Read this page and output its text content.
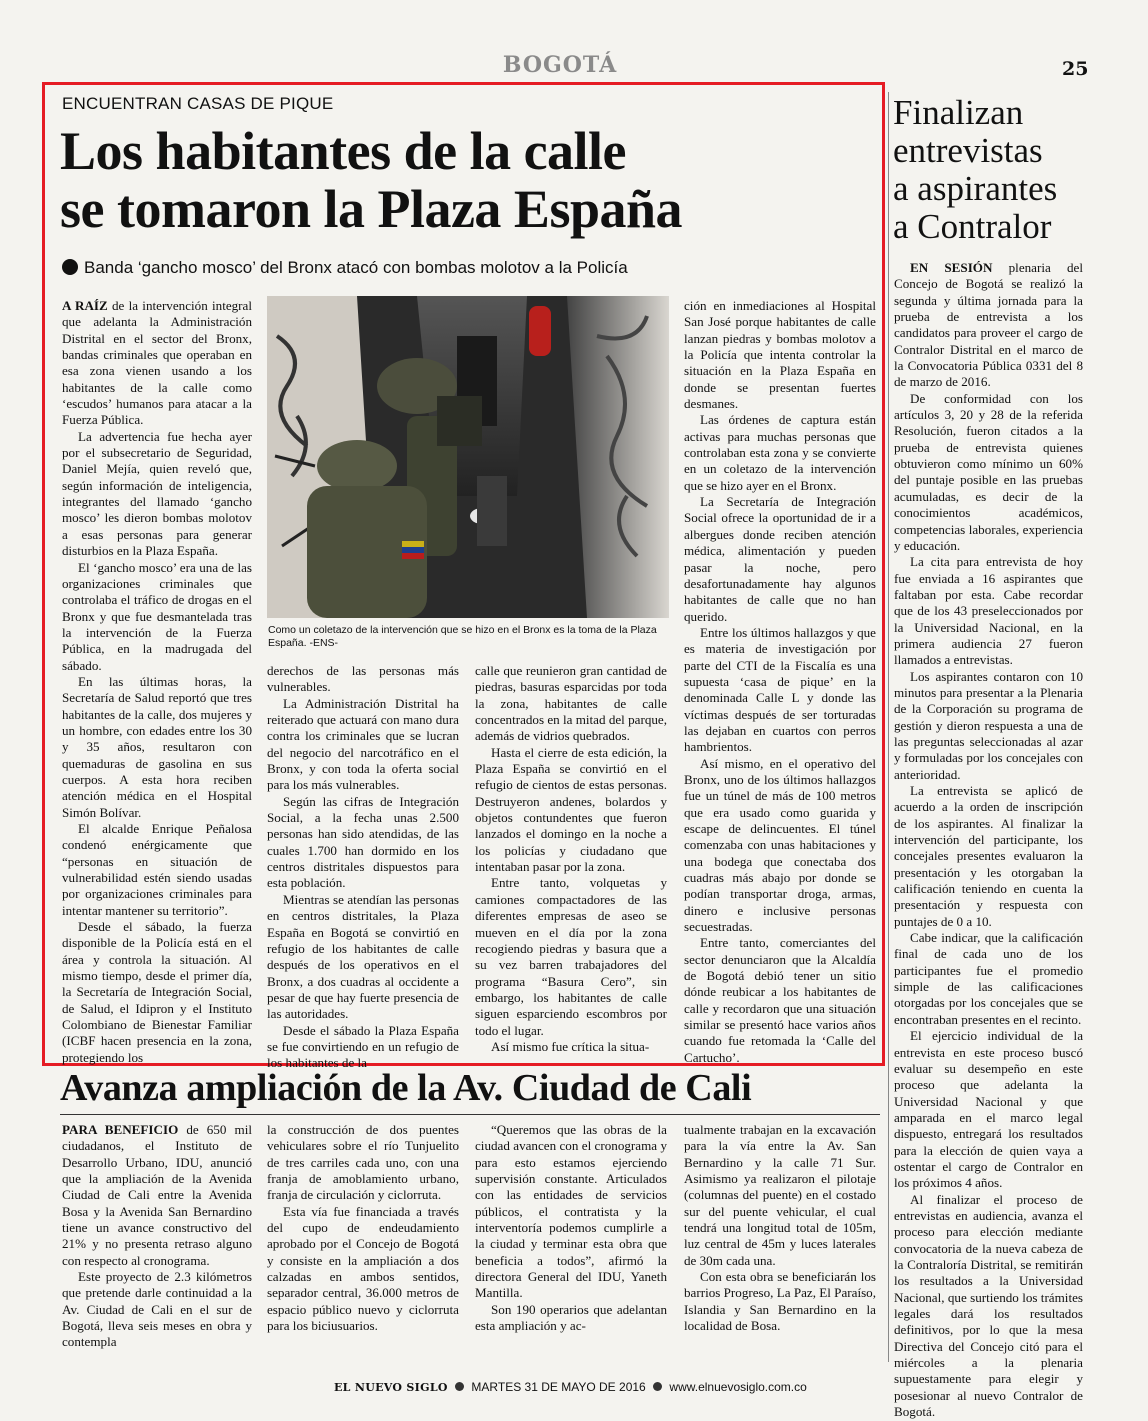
BOGOTÁ	25
ENCUENTRAN CASAS DE PIQUE
Los habitantes de la calle
se tomaron la Plaza España
Banda ‘gancho mosco’ del Bronx atacó con bombas molotov a la Policía

A RAÍZ de la intervención integral que adelanta la Administración Distrital en el sector del Bronx, bandas criminales que operaban en esa zona vienen usando a los habitantes de la calle como ‘escudos’ humanos para atacar a la Fuerza Pública.

La advertencia fue hecha ayer por el subsecretario de Seguridad, Daniel Mejía, quien reveló que, según información de inteligencia, integrantes del llamado ‘gancho mosco’ les dieron bombas molotov a esas personas para generar disturbios en la Plaza España.

El ‘gancho mosco’ era una de las organizaciones criminales que controlaba el tráfico de drogas en el Bronx y que fue desmantelada tras la intervención de la Fuerza Pública, en la madrugada del sábado.

En las últimas horas, la Secretaría de Salud reportó que tres habitantes de la calle, dos mujeres y un hombre, con edades entre los 30 y 35 años, resultaron con quemaduras de gasolina en sus cuerpos. A esta hora reciben atención médica en el Hospital Simón Bolívar.

El alcalde Enrique Peñalosa condenó enérgicamente que “personas en situación de vulnerabilidad estén siendo usadas por organizaciones criminales para intentar mantener su territorio”.

Desde el sábado, la fuerza disponible de la Policía está en el área y controla la situación. Al mismo tiempo, desde el primer día, la Secretaría de Integración Social, de Salud, el Idipron y el Instituto Colombiano de Bienestar Familiar (ICBF hacen presencia en la zona, protegiendo los

Como un coletazo de la intervención que se hizo en el Bronx es la toma de la Plaza España. -ENS-

derechos de las personas más vulnerables.

La Administración Distrital ha reiterado que actuará con mano dura contra los criminales que se lucran del negocio del narcotráfico en el Bronx, y con toda la oferta social para los más vulnerables.

Según las cifras de Integración Social, a la fecha unas 2.500 personas han sido atendidas, de las cuales 1.700 han dormido en los centros distritales dispuestos para esta población.

Mientras se atendían las personas en centros distritales, la Plaza España en Bogotá se convirtió en refugio de los habitantes de calle después de los operativos en el Bronx, a dos cuadras al occidente a pesar de que hay fuerte presencia de las autoridades.

Desde el sábado la Plaza España se fue convirtiendo en un refugio de los habitantes de la

calle que reunieron gran cantidad de piedras, basuras esparcidas por toda la zona, habitantes de calle concentrados en la mitad del parque, además de vidrios quebrados.

Hasta el cierre de esta edición, la Plaza España se convirtió en el refugio de cientos de estas personas. Destruyeron andenes, bolardos y objetos contundentes que fueron lanzados el domingo en la noche a los policías y ciudadano que intentaban pasar por la zona.

Entre tanto, volquetas y camiones compactadores de las diferentes empresas de aseo se mueven en el día por la zona recogiendo piedras y basura que a su vez barren trabajadores del programa “Basura Cero”, sin embargo, los habitantes de calle siguen esparciendo escombros por todo el lugar.

Así mismo fue crítica la situa-

ción en inmediaciones al Hospital San José porque habitantes de calle lanzan piedras y bombas molotov a la Policía que intenta controlar la situación en la Plaza España en donde se presentan fuertes desmanes.

Las órdenes de captura están activas para muchas personas que controlaban esta zona y se convierte en un coletazo de la intervención que se hizo ayer en el Bronx.

La Secretaría de Integración Social ofrece la oportunidad de ir a albergues donde reciben atención médica, alimentación y pueden pasar la noche, pero desafortunadamente hay algunos habitantes de calle que no han querido.

Entre los últimos hallazgos y que es materia de investigación por parte del CTI de la Fiscalía es una supuesta ‘casa de pique’ en la denominada Calle L y donde las víctimas después de ser torturadas las dejaban en cuartos con perros hambrientos.

Así mismo, en el operativo del Bronx, uno de los últimos hallazgos fue un túnel de más de 100 metros que era usado como guarida y escape de delincuentes. El túnel comenzaba con unas habitaciones y una bodega que conectaba dos cuadras más abajo por donde se podían transportar droga, armas, dinero e inclusive personas secuestradas.

Entre tanto, comerciantes del sector denunciaron que la Alcaldía de Bogotá debió tener un sitio dónde reubicar a los habitantes de calle y recordaron que una situación similar se presentó hace varios años cuando fue retomada la ‘Calle del Cartucho’.

Finalizan
entrevistas
a aspirantes
a Contralor

EN SESIÓN plenaria del Concejo de Bogotá se realizó la segunda y última jornada para la prueba de entrevista a los candidatos para proveer el cargo de Contralor Distrital en el marco de la Convocatoria Pública 0331 del 8 de marzo de 2016.

De conformidad con los artículos 3, 20 y 28 de la referida Resolución, fueron citados a la prueba de entrevista quienes obtuvieron como mínimo un 60% del puntaje posible en las pruebas acumuladas, es decir de la conocimientos académicos, competencias laborales, experiencia y educación.

La cita para entrevista de hoy fue enviada a 16 aspirantes que faltaban por esta. Cabe recordar que de los 43 preseleccionados por la Universidad Nacional, en la primera audiencia 27 fueron llamados a entrevistas.

Los aspirantes contaron con 10 minutos para presentar a la Plenaria de la Corporación su programa de gestión y dieron respuesta a una de las preguntas seleccionadas al azar y formuladas por los concejales con anterioridad.

La entrevista se aplicó de acuerdo a la orden de inscripción de los aspirantes. Al finalizar la intervención del participante, los concejales presentes evaluaron la presentación y les otorgaban la calificación teniendo en cuenta la presentación y respuesta con puntajes de 0 a 10.

Cabe indicar, que la calificación final de cada uno de los participantes fue el promedio simple de las calificaciones otorgadas por los concejales que se encontraban presentes en el recinto.

El ejercicio individual de la entrevista en este proceso buscó evaluar su desempeño en este proceso que adelanta la Universidad Nacional y que amparada en el marco legal dispuesto, entregará los resultados para la elección de quien vaya a ostentar el cargo de Contralor en los próximos 4 años.

Al finalizar el proceso de entrevistas en audiencia, avanza el proceso para elección mediante convocatoria de la nueva cabeza de la Contraloría Distrital, se remitirán los resultados a la Universidad Nacional, que surtiendo los trámites legales dará los resultados definitivos, por lo que la mesa Directiva del Concejo citó para el miércoles a la plenaria supuestamente para elegir y posesionar al nuevo Contralor de Bogotá.

Avanza ampliación de la Av. Ciudad de Cali

PARA BENEFICIO de 650 mil ciudadanos, el Instituto de Desarrollo Urbano, IDU, anunció que la ampliación de la Avenida Ciudad de Cali entre la Avenida Bosa y la Avenida San Bernardino tiene un avance constructivo del 21% y no presenta retraso alguno con respecto al cronograma.

Este proyecto de 2.3 kilómetros que pretende darle continuidad a la Av. Ciudad de Cali en el sur de Bogotá, lleva seis meses en obra y contempla

la construcción de dos puentes vehiculares sobre el río Tunjuelito de tres carriles cada uno, con una franja de amoblamiento urbano, franja de circulación y ciclorruta.

Esta vía fue financiada a través del cupo de endeudamiento aprobado por el Concejo de Bogotá y consiste en la ampliación a dos calzadas en ambos sentidos, separador central, 36.000 metros de espacio público nuevo y ciclorruta para los biciusuarios.

“Queremos que las obras de la ciudad avancen con el cronograma y para esto estamos ejerciendo supervisión constante. Articulados con las entidades de servicios públicos, el contratista y la interventoría podemos cumplirle a la ciudad y terminar esta obra que beneficia a todos”, afirmó la directora General del IDU, Yaneth Mantilla.

Son 190 operarios que adelantan esta ampliación y ac-

tualmente trabajan en la excavación para la vía entre la Av. San Bernardino y la calle 71 Sur. Asimismo ya realizaron el pilotaje (columnas del puente) en el costado sur del puente vehicular, el cual tendrá una longitud total de 105m, luz central de 45m y luces laterales de 30m cada una.

Con esta obra se beneficiarán los barrios Progreso, La Paz, El Paraíso, Islandia y San Bernardino en la localidad de Bosa.

EL NUEVO SIGLO MARTES 31 DE MAYO DE 2016 www.elnuevosiglo.com.co
